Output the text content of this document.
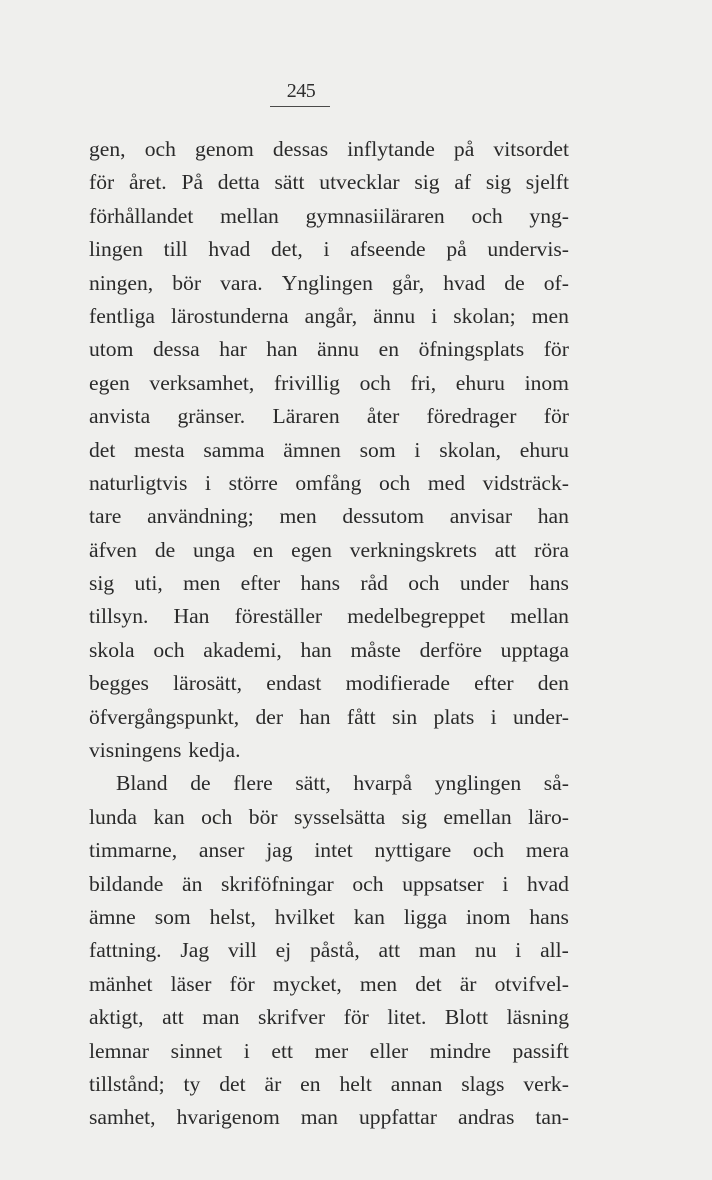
245
gen, och genom dessas inflytande på vitsordet
för året. På detta sätt utvecklar sig af sig sjelft
förhållandet mellan gymnasiiläraren och yng-
lingen till hvad det, i afseende på undervis-
ningen, bör vara. Ynglingen går, hvad de of-
fentliga lärostunderna angår, ännu i skolan; men
utom dessa har han ännu en öfningsplats för
egen verksamhet, frivillig och fri, ehuru inom
anvista gränser. Läraren åter föredrager för
det mesta samma ämnen som i skolan, ehuru
naturligtvis i större omfång och med vidsträck-
tare användning; men dessutom anvisar han
äfven de unga en egen verkningskrets att röra
sig uti, men efter hans råd och under hans
tillsyn. Han föreställer medelbegreppet mellan
skola och akademi, han måste derföre upptaga
begges lärosätt, endast modifierade efter den
öfvergångspunkt, der han fått sin plats i under-
visningens kedja.
Bland de flere sätt, hvarpå ynglingen så-
lunda kan och bör sysselsätta sig emellan läro-
timmarne, anser jag intet nyttigare och mera
bildande än skriföfningar och uppsatser i hvad
ämne som helst, hvilket kan ligga inom hans
fattning. Jag vill ej påstå, att man nu i all-
mänhet läser för mycket, men det är otvifvel-
aktigt, att man skrifver för litet. Blott läsning
lemnar sinnet i ett mer eller mindre passift
tillstånd; ty det är en helt annan slags verk-
samhet, hvarigenom man uppfattar andras tan-
